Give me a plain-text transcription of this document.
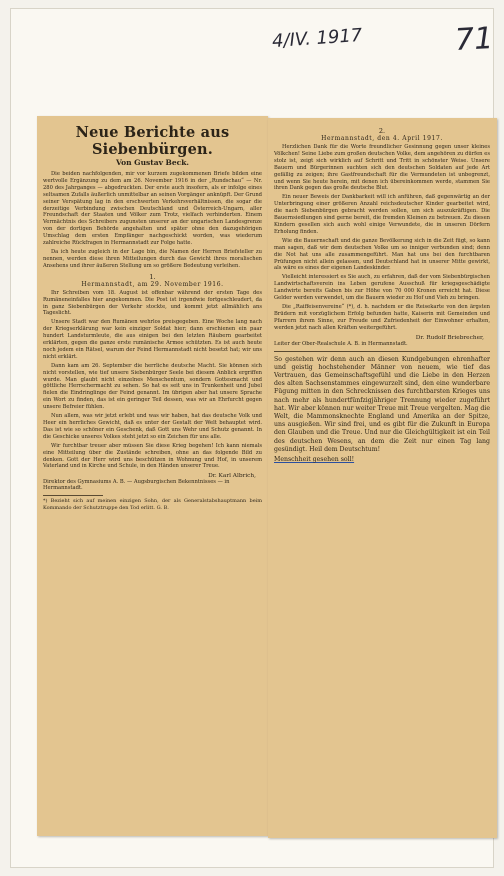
4/IV. 1917	71
Neue Berichte aus Siebenbürgen.
Von Gustav Beck.

Die beiden nachfolgenden, mir vor kurzem zugekommenen Briefe bilden eine wertvolle Ergänzung zu dem am 26. November 1916 in der „Rundschau“ — Nr. 280 des Jahrganges — abgedruckten. Der erste auch insofern, als er infolge eines seltsamen Zufalls äußerlich unmittelbar an seinen Vorgänger anknüpft. Der Grund seiner Verspätung lag in den erschwerten Verkehrsverhältnissen, die sogar die derzeitige Verbindung zwischen Deutschland und Österreich-Ungarn, aller Freundschaft der Staaten und Völker zum Trotz, vielfach verhinderten. Einem Vermächtnis des Schreibers zugunsten unserer an der ungarischen Landesgrenze von der dortigen Behörde angehalten und später ohne den dazugehörigen Umschlag dem ersten Empfänger nachgeschickt worden, was wiederum zahlreiche Rückfragen in Hermannstadt zur Folge hatte.

Da ich heute zugleich in der Lage bin, die Namen der Herren Briefsteller zu nennen, werden diese ihren Mitteilungen durch das Gewicht ihres moralischen Ansehens und ihrer äußeren Stellung um so größere Bedeutung verleihen.

1.
Hermannstadt, am 29. November 1916.

Ihr Schreiben vom 18. August ist offenbar während der ersten Tage des Rumäneneinfalles hier angekommen. Die Post ist irgendwie fortgeschleudert, da in ganz Siebenbürgen der Verkehr stockte, und kommt jetzt allmählich ans Tageslicht.

Unsere Stadt war den Rumänen wehrlos preisgegeben. Eine Woche lang nach der Kriegserklärung war kein einziger Soldat hier; dann erschienen ein paar hundert Landsturmleute, die aus einigen bei den letzten Räubern gearbeitet erklärten, gegen die ganze erste rumänische Armee schützten. Es ist auch heute noch jedem ein Rätsel, warum der Feind Hermannstadt nicht besetzt hat; wir uns nicht erklärt.

Dann kam am 26. September die herrliche deutsche Macht. Sie können sich nicht vorstellen, wie tief unsere Siebenbürger Seele bei diesem Anblick ergriffen wurde. Man glaubt nicht einzelnes Menschentum, sondern Gottesmacht und göttliche Herrschermacht zu sehen. So hat es seit uns in Trunkenheit und Jubel fielen die Eindringlinge der Feind genannt. Im übrigen aber hat unsere Sprache ein Wort zu finden, das ist ein geringer Teil dessen, was wir an Ehrfurcht gegen unsere Befreier fühlen.

Nun allem, was wir jetzt erlebt und was wir haben, hat das deutsche Volk und Heer ein herrliches Gewicht, daß es unter der Gestalt der Welt behauptet wird. Das ist wie so schöner ein Geschenk, daß Gott uns Wehr und Schutz genannt. In die Geschicke unseres Volkes steht jetzt so ein Zeichen für uns alle.

Wir furchtbar treuer aber müssen Sie diese Krieg begehen! Ich kann niemals eine Mitteilung über die Zustände schreiben, ohne an das folgende Bild zu denken. Gott der Herr wird uns beschützen in Wohnung und Hof, in unserem Vaterland und in Kirche und Schule, in den Händen unserer Treue.

Dr. Karl Albrich,
Direktor des Gymnasiums A. B. — Augsburgischen Bekenntnisses — in Hermannstadt.
*) Bezieht sich auf meinen einzigen Sohn, der als Generalstabshauptmann beim Kommando der Schutztruppe den Tod erlitt. G. B.
2.
Hermannstadt, den 4. April 1917.

Herzlichen Dank für die Worte freundlicher Gesinnung gegen unser kleines Völkchen! Seine Liebe zum großen deutschen Volke, dem angehören zu dürfen es stolz ist, zeigt sich wirklich auf Schritt und Tritt in schönster Weise. Unsere Bauern und Bürgerinnen suchten sich den deutschen Soldaten auf jede Art gefällig zu zeigen; ihre Gastfreundschaft für die Vermundeten ist unbegrenzt, und wenn Sie heute herein, mit denen ich übereinkommen werde, stammen Sie ihren Dank gegen das große deutsche Blut.

Ein neuer Beweis der Dankbarkeit will ich anführen, daß gegenwärtig an der Unterbringung einer größeren Anzahl reichsdeutscher Kinder gearbeitet wird, die nach Siebenbürgen gebracht werden sollen, um sich auszukräftigen. Die Bauernsiedlungen sind gerne bereit, die fremden Kleinen zu betreuen. Zu diesen Kindern gesellen sich auch wohl einige Verwundete, die in unseren Dörfern Erholung finden.

Wie die Bauernschaft und die ganze Bevölkerung sich in die Zeit fügt, so kann man sagen, daß wir dem deutschen Volke um so inniger verbunden sind; denn die Not hat uns alle zusammengeführt. Man hat uns bei den furchtbaren Prüfungen nicht allein gelassen, und Deutschland hat in unserer Mitte gewirkt, als wäre es eines der eigenen Landeskinder.

Vielleicht interessiert es Sie auch, zu erfahren, daß der vom Siebenbürgischen Landwirtschaftsverein ins Leben gerufene Ausschuß für kriegsgeschädigte Landwirte bereits Gaben bis zur Höhe von 70 000 Kronen erreicht hat. Diese Gelder werden verwendet, um die Bauern wieder zu Hof und Vieh zu bringen.

Die „Raiffeisenvereine“ (*), d. h. nachdem er die Reisekarte von den ärgsten Brüdern mit vorzüglichem Erfolg befunden hatte, Kaiserin mit Gemeinden und Pfarrern ihrem Sinne, zur Freude und Zufriedenheit der Einwohner erhalten, werden jetzt nach allen Kräften weitergeführt.

Dr. Rudolf Briebrecher,
Leiter der Ober-Realschule A. B. in Hermannstadt.

So gestehen wir denn auch an diesen Kundgebungen ehrenhafter und geistig hochstehender Männer von neuem, wie tief das Vertrauen, das Gemeinschaftsgefühl und die Liebe in den Herzen des alten Sachsenstammes eingewurzelt sind, den eine wunderbare Fügung mitten in den Schrecknissen des furchtbarsten Krieges uns nach mehr als hundertfünfzigjähriger Trennung wieder zugeführt hat. Wir aber können nur weiter Treue mit Treue vergelten. Mag die Welt, die Mammonsknechte England und Amerika an der Spitze, uns ausgießen. Wir sind frei, und es gibt für die Zukunft in Europa den Glauben und die Treue. Und nur die Gleichgültigkeit ist ein Teil des deutschen Wesens, an dem die Zeit nur einen Tag lang gesündigt. Heil dem Deutschtum!

Menschheit gesehen soll!
